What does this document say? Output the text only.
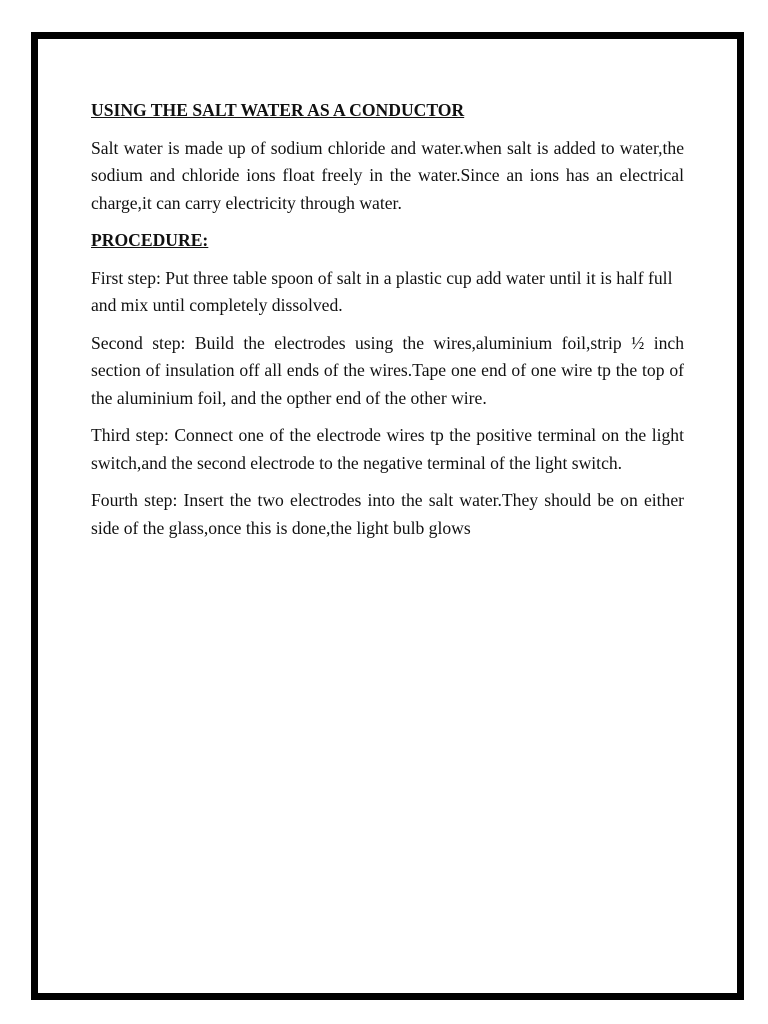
USING THE SALT WATER AS A CONDUCTOR
Salt water is made up of sodium chloride and water.when salt is added to water,the sodium and chloride ions float freely in the water.Since an ions has an electrical charge,it can carry electricity through water.
PROCEDURE:
First step: Put three table spoon of salt in a plastic cup add water until it is half full and mix until completely dissolved.
Second step: Build the electrodes using the wires,aluminium foil,strip ½ inch section of insulation off all ends of the wires.Tape one end of one wire tp the top of the aluminium foil, and the opther end of the other wire.
Third step: Connect one of the electrode wires tp the positive terminal on the light switch,and the second electrode to the negative terminal of the light switch.
Fourth step: Insert the two electrodes into the salt water.They should be on either side of the glass,once this is done,the light bulb glows
